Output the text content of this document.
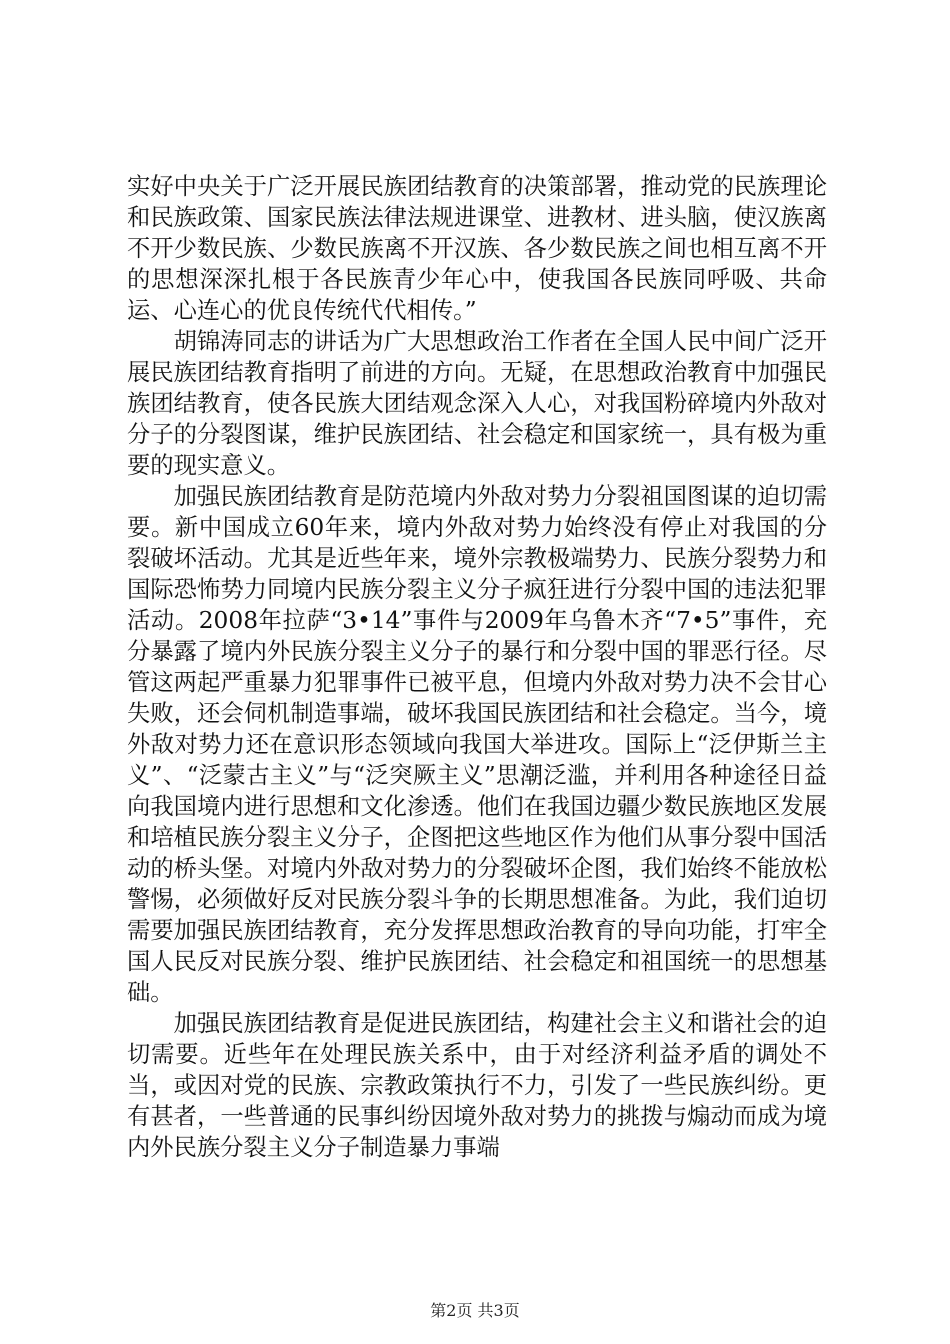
实好中央关于广泛开展民族团结教育的决策部署，推动党的民族理论和民族政策、国家民族法律法规进课堂、进教材、进头脑，使汉族离不开少数民族、少数民族离不开汉族、各少数民族之间也相互离不开的思想深深扎根于各民族青少年心中，使我国各民族同呼吸、共命运、心连心的优良传统代代相传。”

胡锦涛同志的讲话为广大思想政治工作者在全国人民中间广泛开展民族团结教育指明了前进的方向。无疑，在思想政治教育中加强民族团结教育，使各民族大团结观念深入人心，对我国粉碎境内外敌对分子的分裂图谋，维护民族团结、社会稳定和国家统一，具有极为重要的现实意义。

加强民族团结教育是防范境内外敌对势力分裂祖国图谋的迫切需要。新中国成立60年来，境内外敌对势力始终没有停止对我国的分裂破坏活动。尤其是近些年来，境外宗教极端势力、民族分裂势力和国际恐怖势力同境内民族分裂主义分子疯狂进行分裂中国的违法犯罪活动。2008年拉萨“3•14”事件与2009年乌鲁木齐“7•5”事件，充分暴露了境内外民族分裂主义分子的暴行和分裂中国的罪恶行径。尽管这两起严重暴力犯罪事件已被平息，但境内外敌对势力决不会甘心失败，还会伺机制造事端，破坏我国民族团结和社会稳定。当今，境外敌对势力还在意识形态领域向我国大举进攻。国际上“泛伊斯兰主义”、“泛蒙古主义”与“泛突厥主义”思潮泛滥，并利用各种途径日益向我国境内进行思想和文化渗透。他们在我国边疆少数民族地区发展和培植民族分裂主义分子，企图把这些地区作为他们从事分裂中国活动的桥头堡。对境内外敌对势力的分裂破坏企图，我们始终不能放松警惕，必须做好反对民族分裂斗争的长期思想准备。为此，我们迫切需要加强民族团结教育，充分发挥思想政治教育的导向功能，打牢全国人民反对民族分裂、维护民族团结、社会稳定和祖国统一的思想基础。

加强民族团结教育是促进民族团结，构建社会主义和谐社会的迫切需要。近些年在处理民族关系中，由于对经济利益矛盾的调处不当，或因对党的民族、宗教政策执行不力，引发了一些民族纠纷。更有甚者，一些普通的民事纠纷因境外敌对势力的挑拨与煽动而成为境内外民族分裂主义分子制造暴力事端

第2页 共3页
